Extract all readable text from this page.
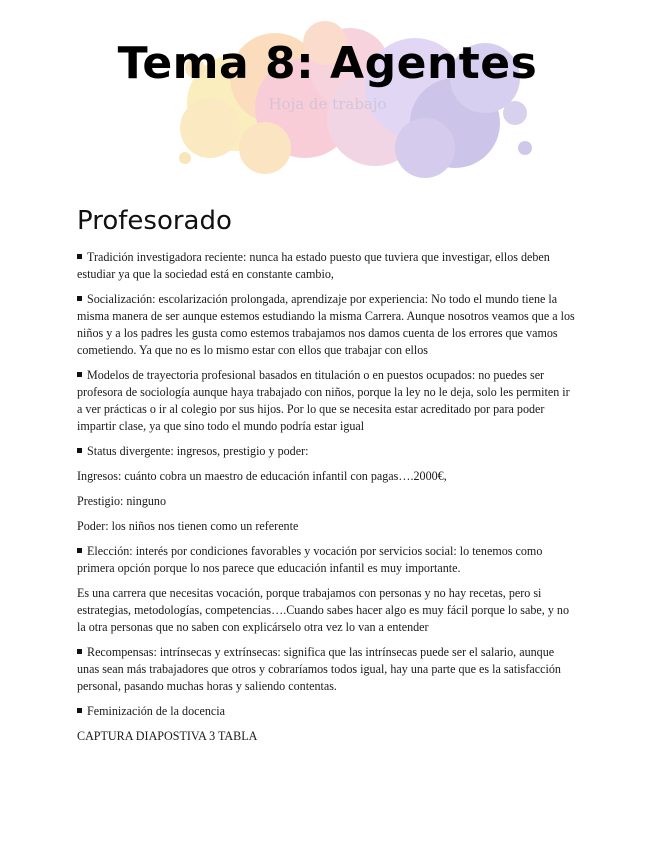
Tema 8: Agentes
Hoja de trabajo
Profesorado

Tradición investigadora reciente: nunca ha estado puesto que tuviera que investigar, ellos deben estudiar ya que la sociedad está en constante cambio,

Socialización: escolarización prolongada, aprendizaje por experiencia: No todo el mundo tiene la misma manera de ser aunque estemos estudiando la misma Carrera. Aunque nosotros veamos que a los niños y a los padres les gusta como estemos trabajamos nos damos cuenta de los errores que vamos cometiendo. Ya que no es lo mismo estar con ellos que trabajar con ellos

Modelos de trayectoria profesional basados en titulación o en puestos ocupados: no puedes ser profesora de sociología aunque haya trabajado con niños, porque la ley no le deja, solo les permiten ir a ver prácticas o ir al colegio por sus hijos. Por lo que se necesita estar acreditado por para poder impartir clase, ya que sino todo el mundo podría estar igual

Status divergente: ingresos, prestigio y poder:

Ingresos: cuánto cobra un maestro de educación infantil con pagas….2000€,

Prestigio: ninguno

Poder: los niños nos tienen como un referente

Elección: interés por condiciones favorables y vocación por servicios social: lo tenemos como primera opción porque lo nos parece que educación infantil es muy importante.

Es una carrera que necesitas vocación, porque trabajamos con personas y no hay recetas, pero si estrategias, metodologías, competencias….Cuando sabes hacer algo es muy fácil porque lo sabe, y no la otra personas que no saben con explicárselo otra vez lo van a entender

Recompensas: intrínsecas y extrínsecas: significa que las intrínsecas puede ser el salario, aunque unas sean más trabajadores que otros y cobraríamos todos igual, hay una parte que es la satisfacción personal, pasando muchas horas y saliendo contentas.

Feminización de la docencia

CAPTURA DIAPOSTIVA 3 TABLA
